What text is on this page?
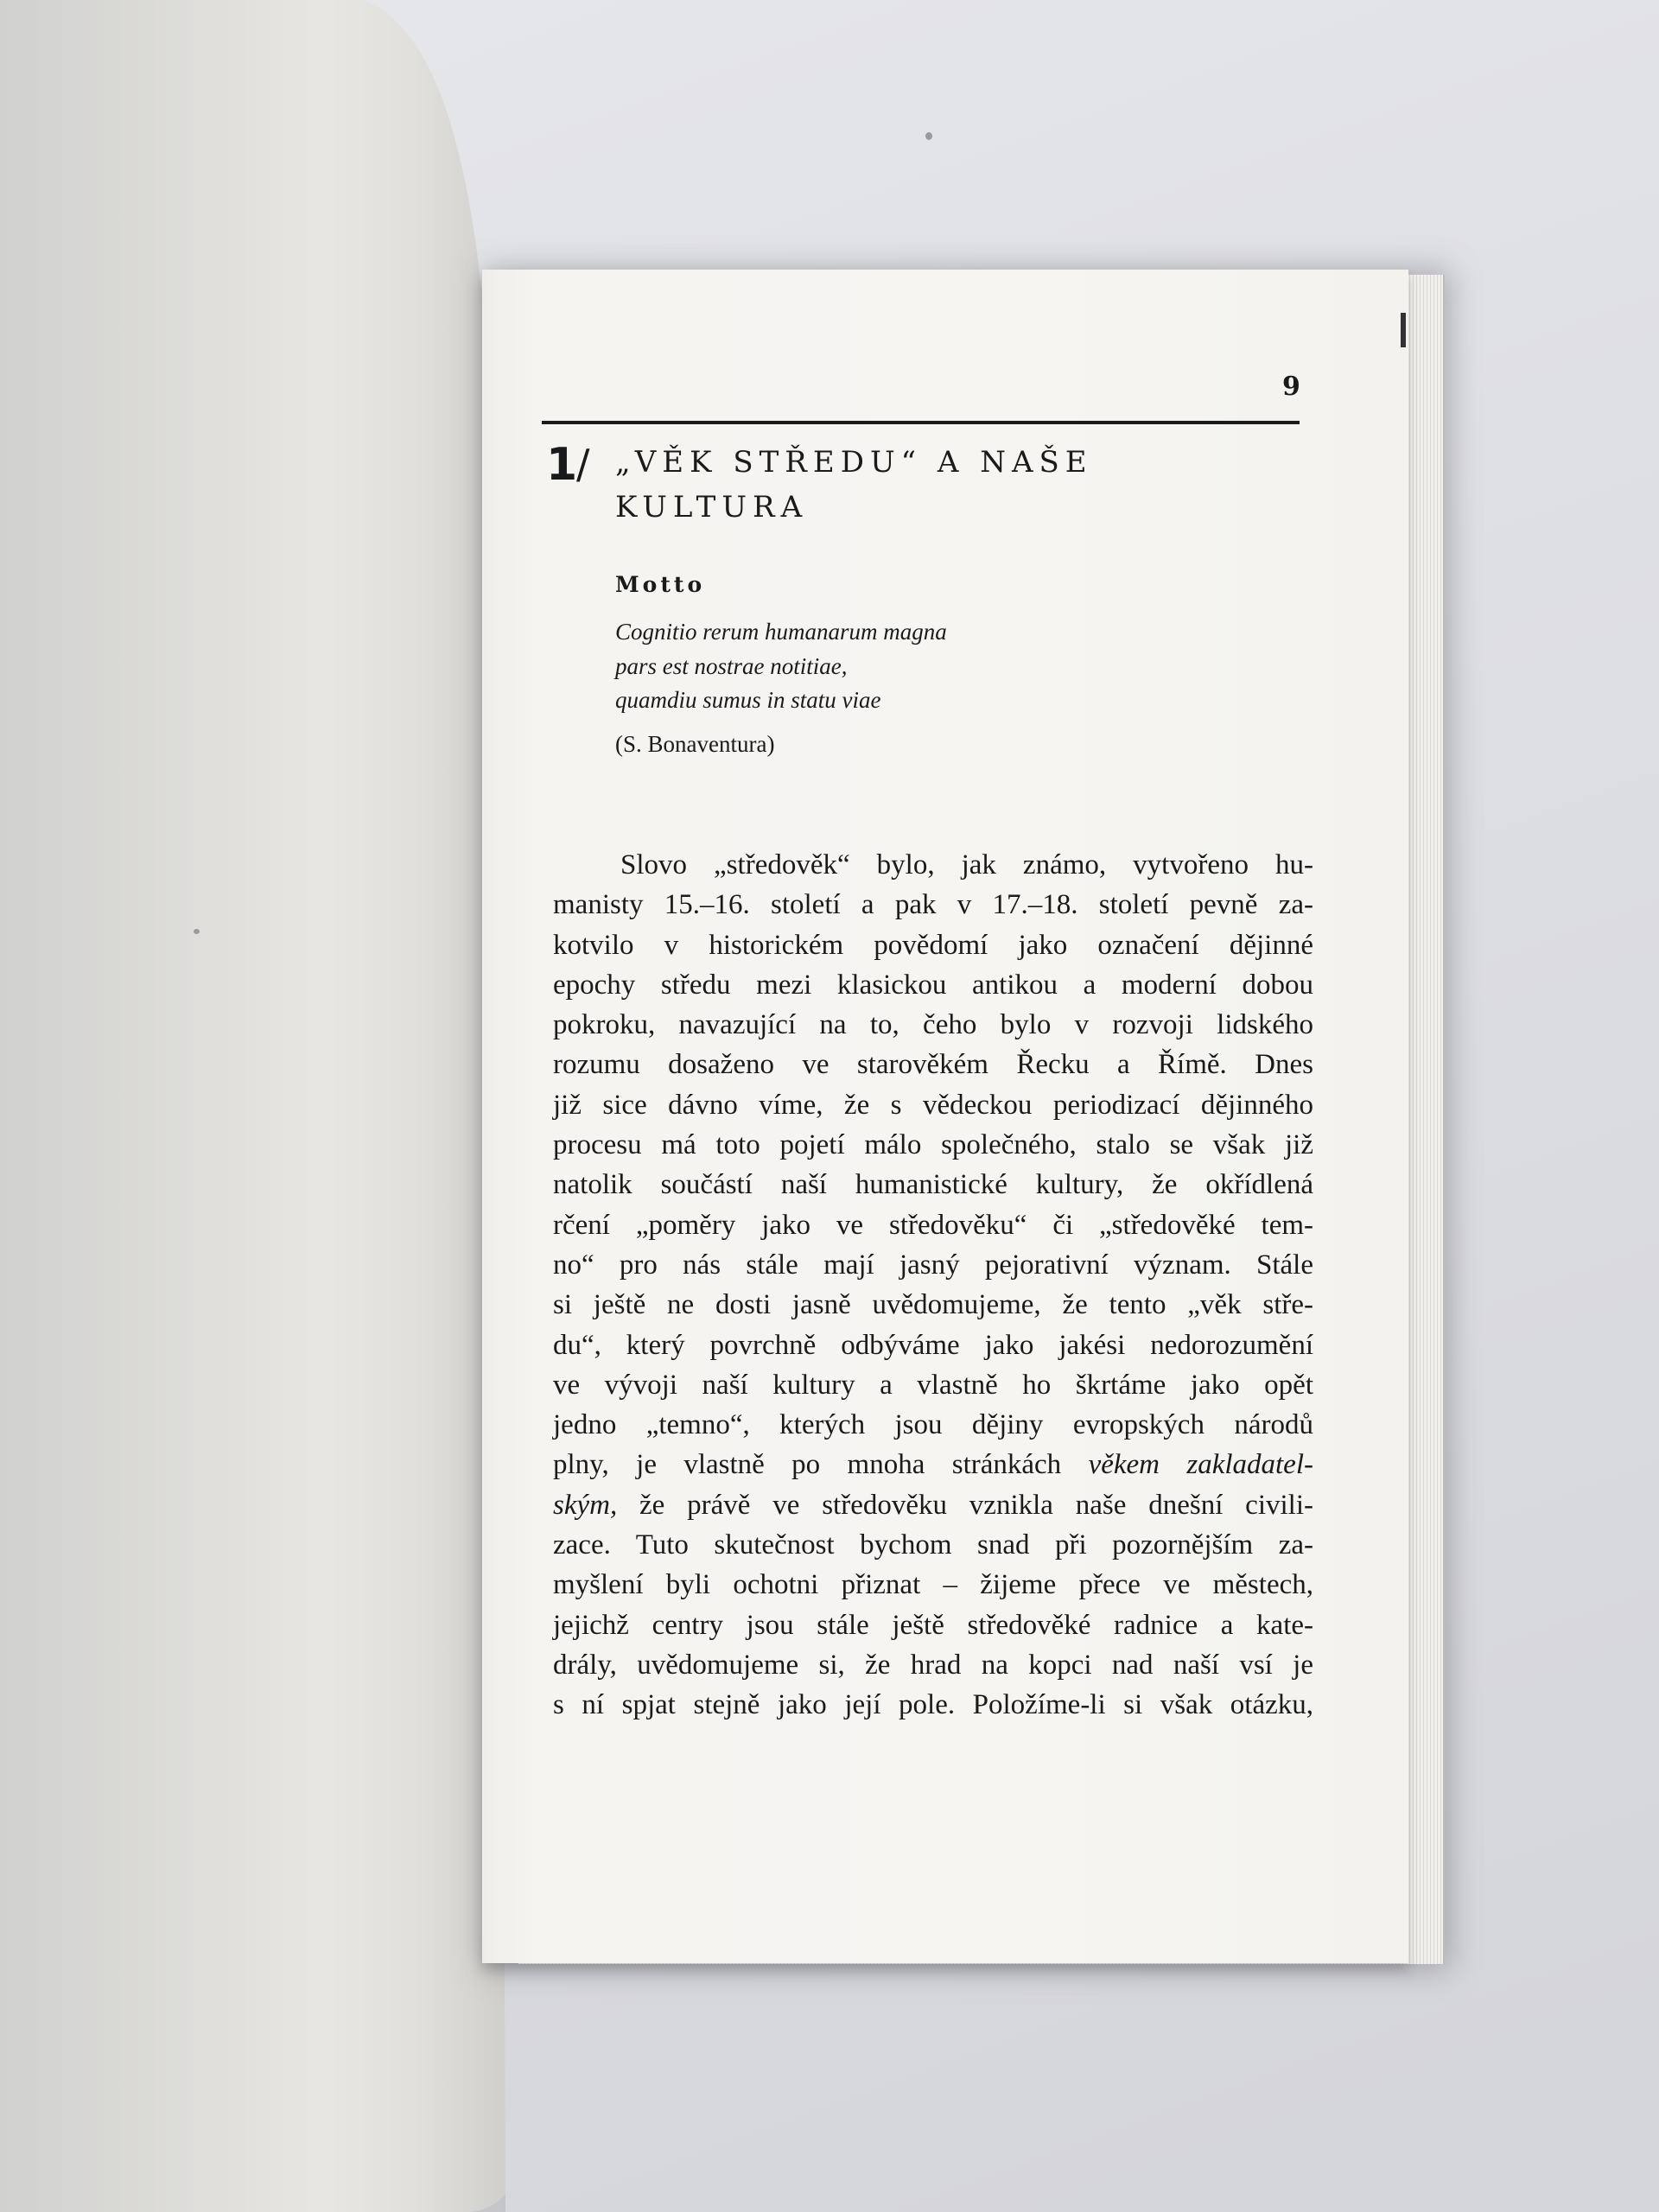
9

1

/ „VĚK STŘEDU“ A NAŠE

KULTURA

Motto

Cognitio rerum humanarum magna

pars est nostrae notitiae,

quamdiu sumus in statu viae

(S. Bonaventura)

Slovo „středověk“ bylo, jak známo, vytvořeno hu-
manisty 15.–16. století a pak v 17.–18. století pevně za-
kotvilo v historickém povědomí jako označení dějinné
epochy středu mezi klasickou antikou a moderní dobou
pokroku, navazující na to, čeho bylo v rozvoji lidského
rozumu dosaženo ve starověkém Řecku a Římě. Dnes
již sice dávno víme, že s vědeckou periodizací dějinného
procesu má toto pojetí málo společného, stalo se však již
natolik součástí naší humanistické kultury, že okřídlená
rčení „poměry jako ve středověku“ či „středověké tem-
no“ pro nás stále mají jasný pejorativní význam. Stále
si ještě ne dosti jasně uvědomujeme, že tento „věk stře-
du“, který povrchně odbýváme jako jakési nedorozumění
ve vývoji naší kultury a vlastně ho škrtáme jako opět
jedno „temno“, kterých jsou dějiny evropských národů
plny, je vlastně po mnoha stránkách věkem zakladatel-
ským, že právě ve středověku vznikla naše dnešní civili-
zace. Tuto skutečnost bychom snad při pozornějším za-
myšlení byli ochotni přiznat – žijeme přece ve městech,
jejichž centry jsou stále ještě středověké radnice a kate-
drály, uvědomujeme si, že hrad na kopci nad naší vsí je
s ní spjat stejně jako její pole. Položíme-li si však otázku,
